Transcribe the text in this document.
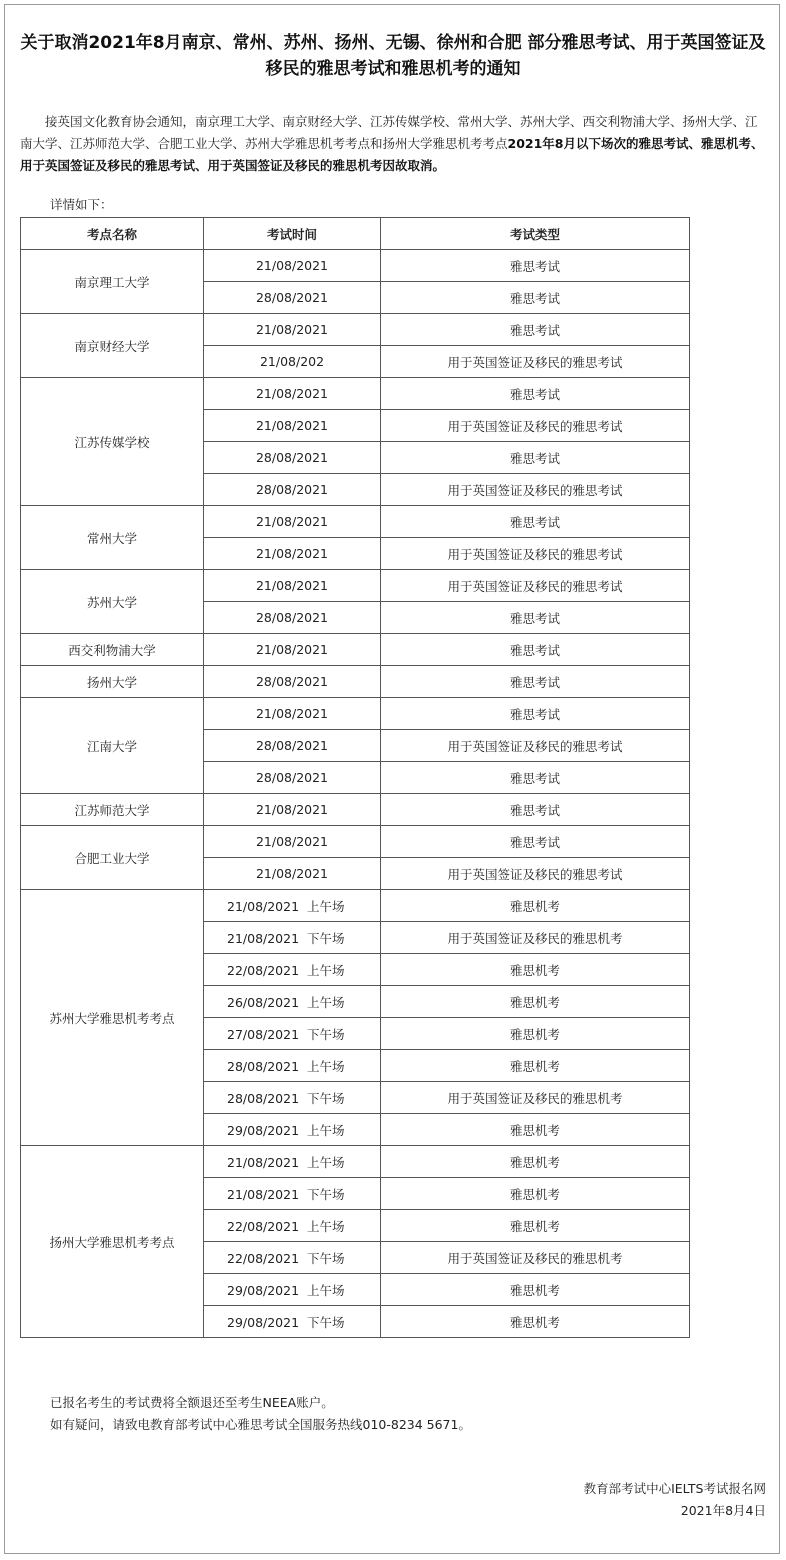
关于取消2021年8月南京、常州、苏州、扬州、无锡、徐州和合肥 部分雅思考试、用于英国签证及移民的雅思考试和雅思机考的通知
接英国文化教育协会通知，南京理工大学、南京财经大学、江苏传媒学校、常州大学、苏州大学、西交利物浦大学、扬州大学、江南大学、江苏师范大学、合肥工业大学、苏州大学雅思机考考点和扬州大学雅思机考考点2021年8月以下场次的雅思考试、雅思机考、用于英国签证及移民的雅思考试、用于英国签证及移民的雅思机考因故取消。
详情如下：
考点名称	考试时间	考试类型
南京理工大学	21/08/2021	雅思考试
	28/08/2021	雅思考试
南京财经大学	21/08/2021	雅思考试
	21/08/202	用于英国签证及移民的雅思考试
江苏传媒学校	21/08/2021	雅思考试
	21/08/2021	用于英国签证及移民的雅思考试
	28/08/2021	雅思考试
	28/08/2021	用于英国签证及移民的雅思考试
常州大学	21/08/2021	雅思考试
	21/08/2021	用于英国签证及移民的雅思考试
苏州大学	21/08/2021	用于英国签证及移民的雅思考试
	28/08/2021	雅思考试
西交利物浦大学	21/08/2021	雅思考试
扬州大学	28/08/2021	雅思考试
江南大学	21/08/2021	雅思考试
	28/08/2021	用于英国签证及移民的雅思考试
	28/08/2021	雅思考试
江苏师范大学	21/08/2021	雅思考试
合肥工业大学	21/08/2021	雅思考试
	21/08/2021	用于英国签证及移民的雅思考试
苏州大学雅思机考考点	21/08/2021 上午场	雅思机考
	21/08/2021 下午场	用于英国签证及移民的雅思机考
	22/08/2021 上午场	雅思机考
	26/08/2021 上午场	雅思机考
	27/08/2021 下午场	雅思机考
	28/08/2021 上午场	雅思机考
	28/08/2021 下午场	用于英国签证及移民的雅思机考
	29/08/2021 上午场	雅思机考
扬州大学雅思机考考点	21/08/2021 上午场	雅思机考
	21/08/2021 下午场	雅思机考
	22/08/2021 上午场	雅思机考
	22/08/2021 下午场	用于英国签证及移民的雅思机考
	29/08/2021 上午场	雅思机考
	29/08/2021 下午场	雅思机考
已报名考生的考试费将全额退还至考生NEEA账户。
如有疑问，请致电教育部考试中心雅思考试全国服务热线010-8234 5671。
教育部考试中心IELTS考试报名网
2021年8月4日
